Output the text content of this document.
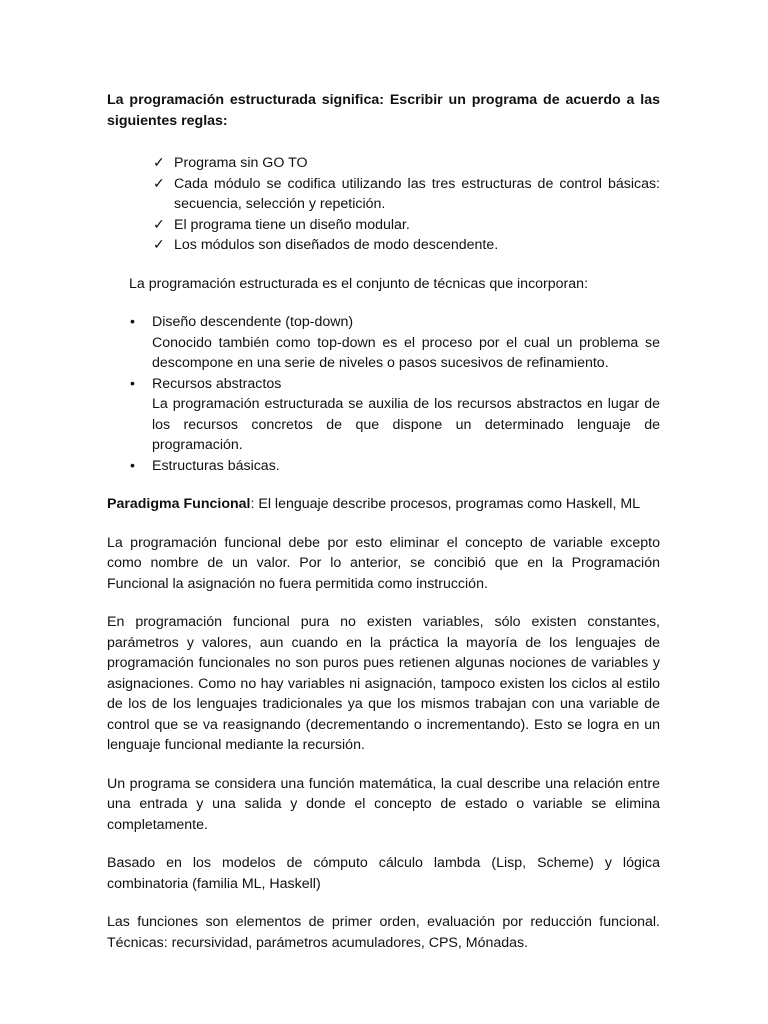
La programación estructurada significa: Escribir un programa de acuerdo a las siguientes reglas:

✓ Programa sin GO TO
✓ Cada módulo se codifica utilizando las tres estructuras de control básicas: secuencia, selección y repetición.
✓ El programa tiene un diseño modular.
✓ Los módulos son diseñados de modo descendente.

La programación estructurada es el conjunto de técnicas que incorporan:

• Diseño descendente (top-down)
Conocido también como top-down es el proceso por el cual un problema se descompone en una serie de niveles o pasos sucesivos de refinamiento.
• Recursos abstractos
La programación estructurada se auxilia de los recursos abstractos en lugar de los recursos concretos de que dispone un determinado lenguaje de programación.
• Estructuras básicas.

Paradigma Funcional: El lenguaje describe procesos, programas como Haskell, ML

La programación funcional debe por esto eliminar el concepto de variable excepto como nombre de un valor. Por lo anterior, se concibió que en la Programación Funcional la asignación no fuera permitida como instrucción.

En programación funcional pura no existen variables, sólo existen constantes, parámetros y valores, aun cuando en la práctica la mayoría de los lenguajes de programación funcionales no son puros pues retienen algunas nociones de variables y asignaciones. Como no hay variables ni asignación, tampoco existen los ciclos al estilo de los de los lenguajes tradicionales ya que los mismos trabajan con una variable de control que se va reasignando (decrementando o incrementando). Esto se logra en un lenguaje funcional mediante la recursión.

Un programa se considera una función matemática, la cual describe una relación entre una entrada y una salida y donde el concepto de estado o variable se elimina completamente.

Basado en los modelos de cómputo cálculo lambda (Lisp, Scheme) y lógica combinatoria (familia ML, Haskell)

Las funciones son elementos de primer orden, evaluación por reducción funcional. Técnicas: recursividad, parámetros acumuladores, CPS, Mónadas.
